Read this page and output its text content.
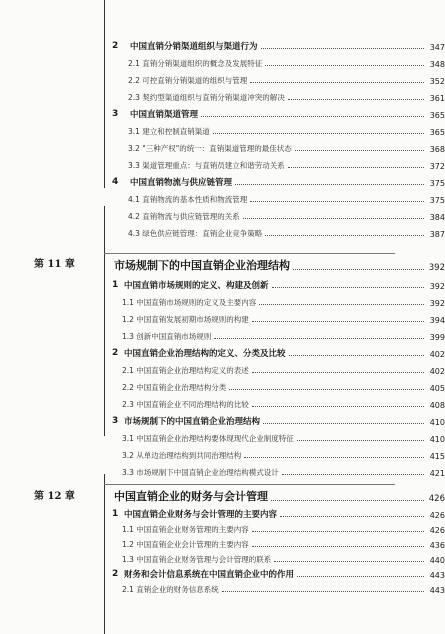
2 中国直销分销渠道组织与渠道行为	347
2.1 直销分销渠道组织的概念及发展特征	348
2.2 可控直销分销渠道的组织与管理	352
2.3 契约型渠道组织与直销分销渠道冲突的解决	361
3 中国直销渠道管理	365
3.1 建立和控制直销渠道	365
3.2 "三种产权"的统一：直销渠道管理的最佳状态	368
3.3 渠道管理重点：与直销员建立和谐劳动关系	372
4 中国直销物流与供应链管理	375
4.1 直销物流的基本性质和物流管理	375
4.2 直销物流与供应链管理的关系	384
4.3 绿色供应链管理：直销企业竞争策略	387
第 11 章	市场规制下的中国直销企业治理结构	392
1 中国直销市场规则的定义、构建及创新	392
1.1 中国直销市场规则的定义及主要内容	392
1.2 中国直销发展初期市场规则的构建	394
1.3 创新中国直销市场规则	399
2 中国直销企业治理结构的定义、分类及比较	402
2.1 中国直销企业治理结构定义的表述	402
2.2 中国直销企业治理结构分类	405
2.3 中国直销企业不同治理结构的比较	408
3 市场规制下的中国直销企业治理结构	410
3.1 中国直销企业治理结构要体现现代企业制度特征	410
3.2 从单边治理结构到共同治理结构	415
3.3 市场规制下中国直销企业治理结构模式设计	421
第 12 章	中国直销企业的财务与会计管理	426
1 中国直销企业财务与会计管理的主要内容	426
1.1 中国直销企业财务管理的主要内容	426
1.2 中国直销企业会计管理的主要内容	436
1.3 中国直销企业财务管理与会计管理的联系	440
2 财务和会计信息系统在中国直销企业中的作用	443
2.1 直销企业的财务信息系统	443
